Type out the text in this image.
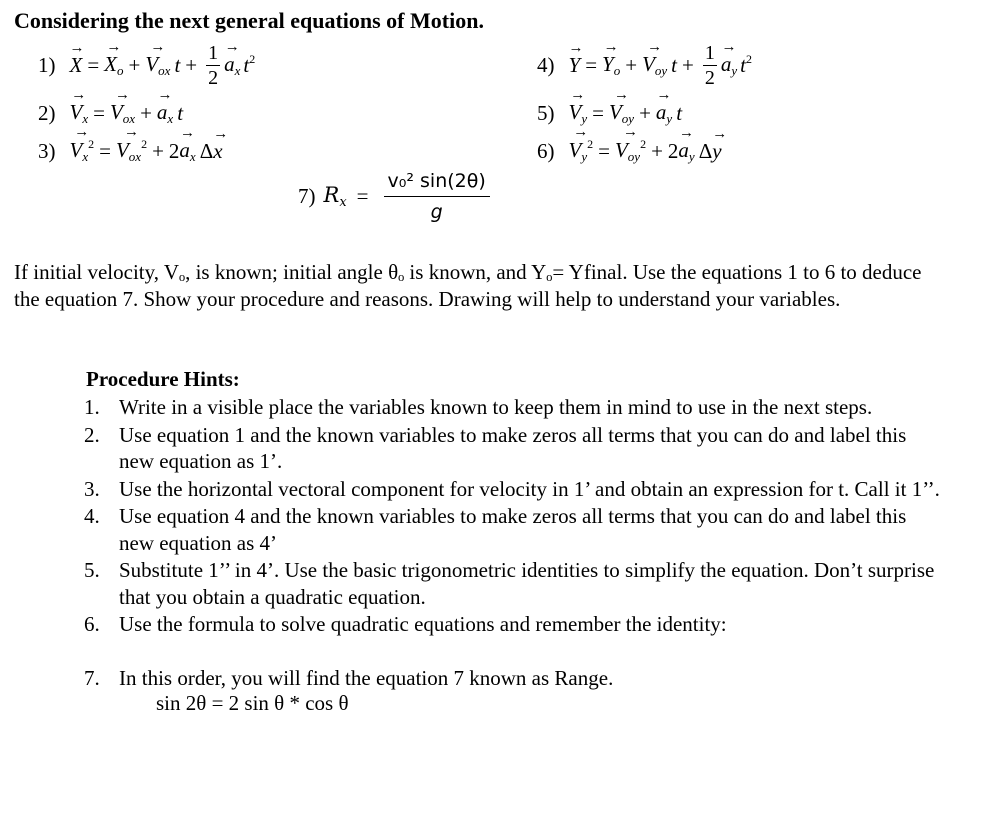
Considering the next general equations of Motion.
1)
→ X =
→ $X_o$ +
→ $V_{ox}$ $t + \frac{1}{2}$
→ $a_x$ $t^2$
2)
→ $V_x$ =
→ $V_{ox}$ +
→ $a_x$ t
3)
→ $V_x^2$ =
→ $V_{ox}^2 + 2$
→ $a_x$ Δ
→ x
4)
→ Y =
→ $Y_o$ +
→ $V_{oy}$ $t + \frac{1}{2}$
→ $a_y$ $t^2$
5)
→ $V_y$ =
→ $V_{oy}$ +
→ $a_y$ t
6)
→ $V_y^2$ =
→ $V_{oy}^2 + 2$
→ $a_y$ Δ
→ y
7) $R_x = \frac{\text{v₀² sin(2θ)}}{g}$

If initial velocity, Vₒ, is known; initial angle θₒ is known, and Yₒ= Yfinal. Use the equations 1 to 6 to deduce the equation 7. Show your procedure and reasons. Drawing will help to understand your variables.

Procedure Hints:
1. Write in a visible place the variables known to keep them in mind to use in the next steps.
2. Use equation 1 and the known variables to make zeros all terms that you can do and label this new equation as 1’.
3. Use the horizontal vectoral component for velocity in 1’ and obtain an expression for t. Call it 1’’.
4. Use equation 4 and the known variables to make zeros all terms that you can do and label this new equation as 4’
5. Substitute 1’’ in 4’. Use the basic trigonometric identities to simplify the equation. Don’t surprise that you obtain a quadratic equation.
6. Use the formula to solve quadratic equations and remember the identity:
7. In this order, you will find the equation 7 known as Range.

sin 2θ = 2 sin θ * cos θ
